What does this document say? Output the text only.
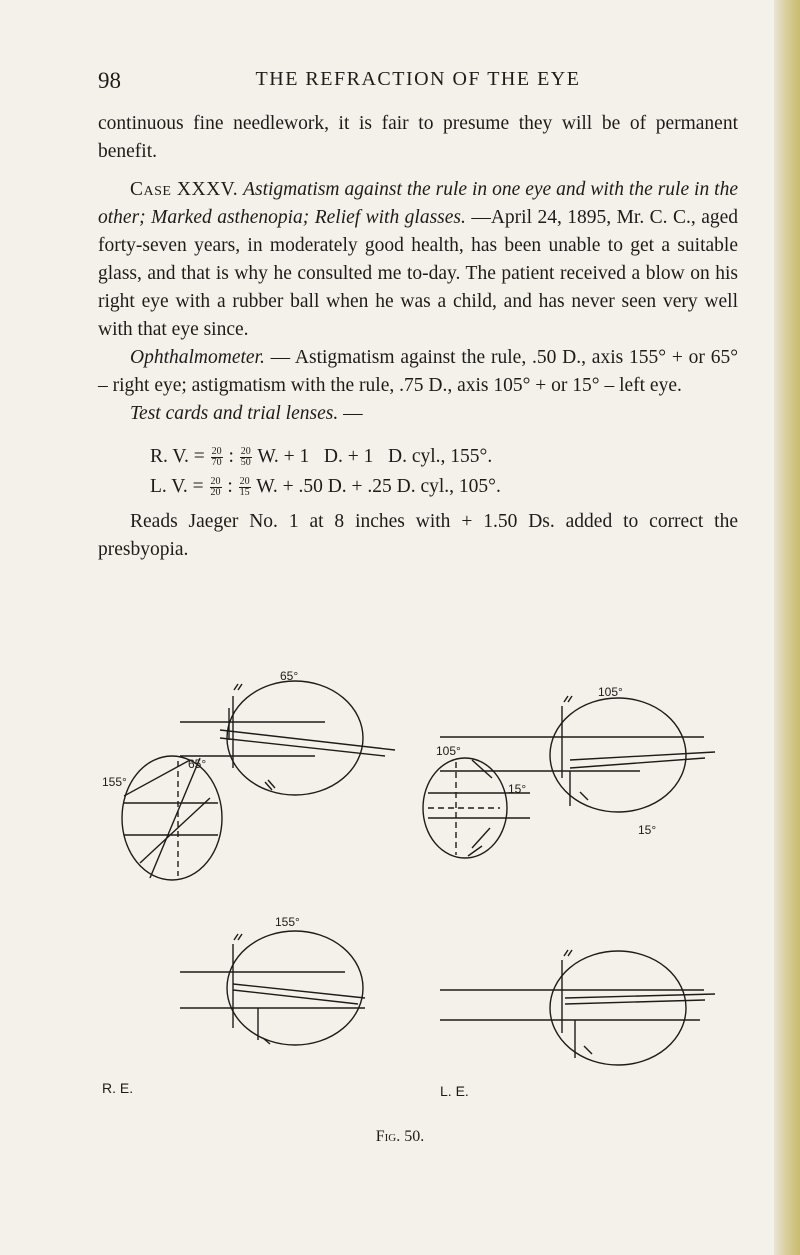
98	THE REFRACTION OF THE EYE

continuous fine needlework, it is fair to presume they will be of permanent benefit.

Case XXXV. Astigmatism against the rule in one eye and with the rule in the other; Marked asthenopia; Relief with glasses. —April 24, 1895, Mr. C. C., aged forty-seven years, in moderately good health, has been unable to get a suitable glass, and that is why he consulted me to-day. The patient received a blow on his right eye with a rubber ball when he was a child, and has never seen very well with that eye since.

Ophthalmometer. — Astigmatism against the rule, .50 D., axis 155° + or 65° – right eye; astigmatism with the rule, .75 D., axis 105° + or 15° – left eye.

Test cards and trial lenses. —

R. V. = $\frac{20}{70}$ : $\frac{20}{50} W$. + 1   D. + 1   D. cyl., 155°.
L. V. = $\frac{20}{20}$ : $\frac{20}{15} W$. + .50 D. + .25 D. cyl., 105°.

Reads Jaeger No. 1 at 8 inches with + 1.50 Ds. added to correct the presbyopia.

65°
65°
155°
155°
R. E.
105°
105°
15°
15°
L. E.
Fig. 50.
